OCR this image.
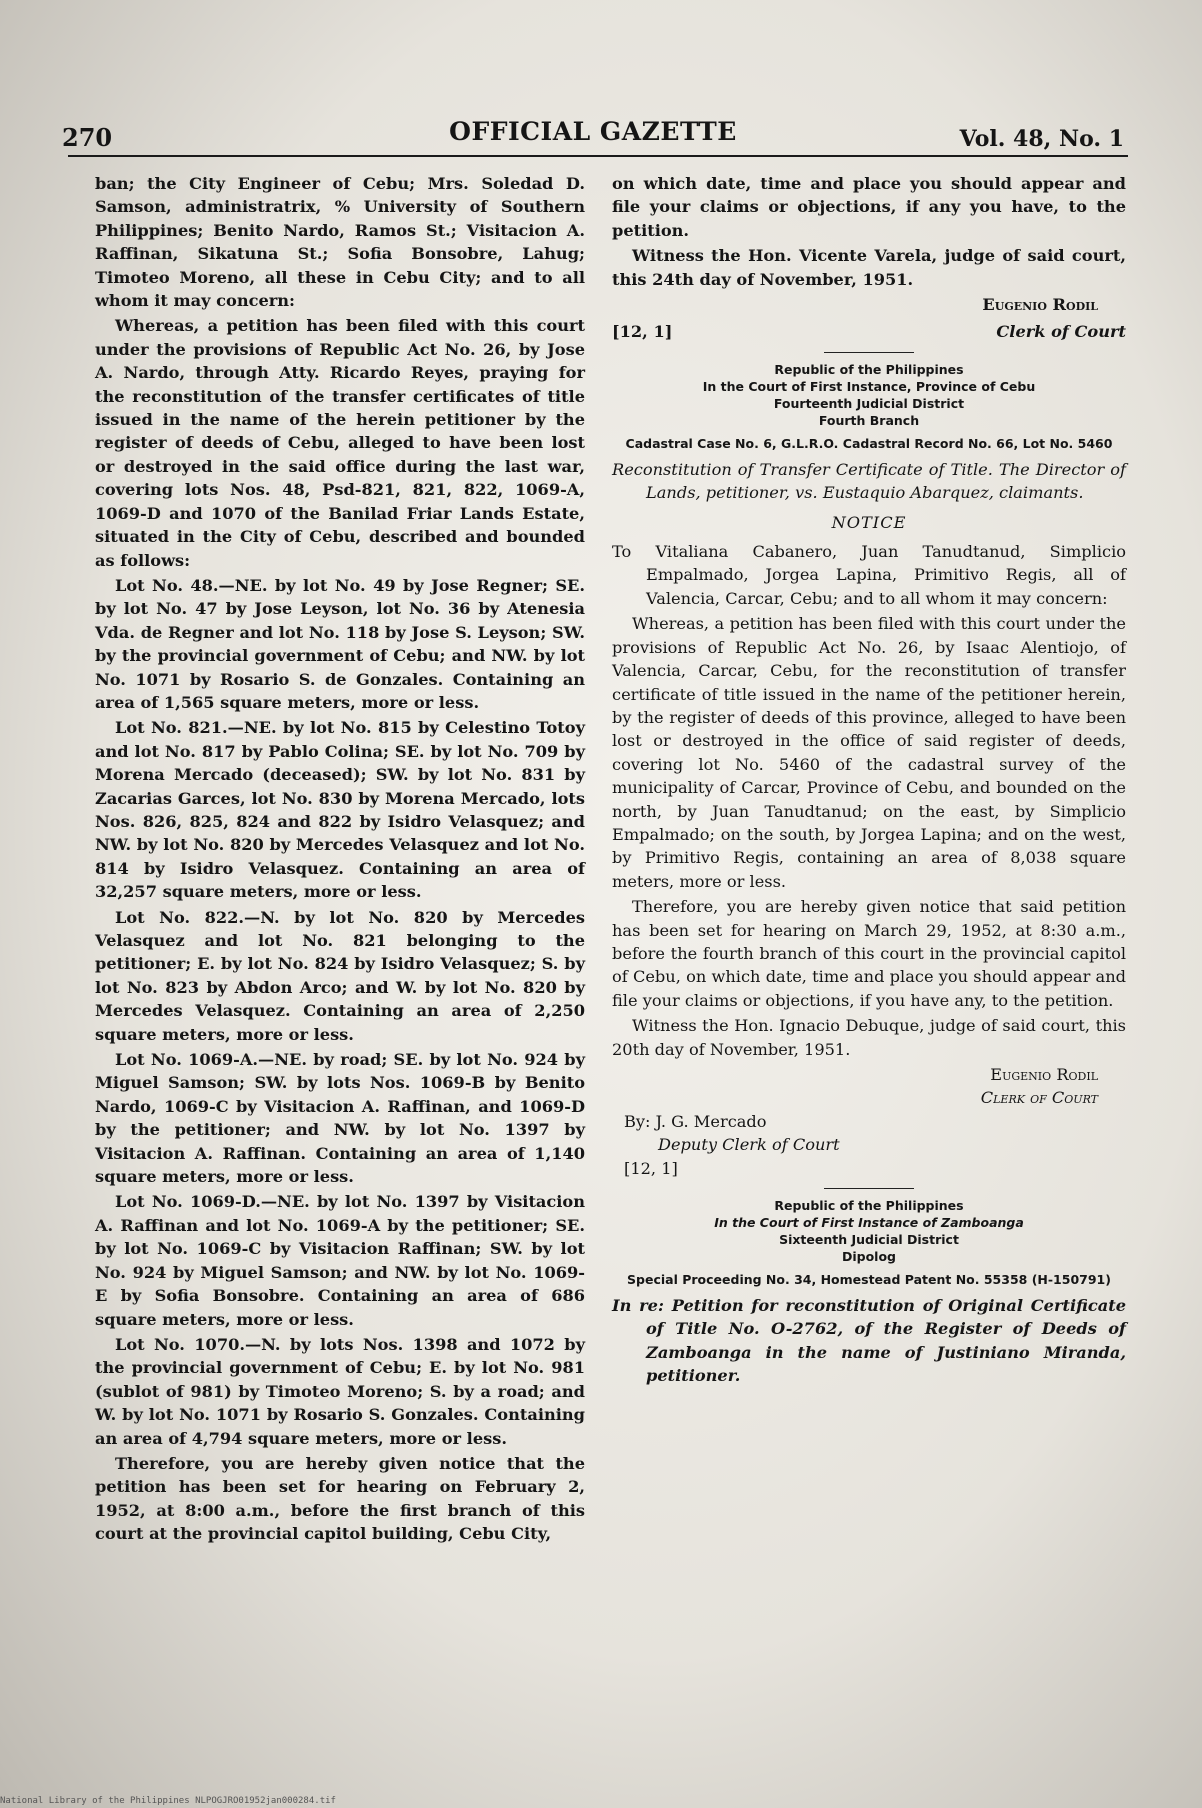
270	OFFICIAL GAZETTE	Vol. 48, No. 1

ban; the City Engineer of Cebu; Mrs. Soledad D. Samson, administratrix, % University of Southern Philippines; Benito Nardo, Ramos St.; Visitacion A. Raffinan, Sikatuna St.; Sofia Bonsobre, Lahug; Timoteo Moreno, all these in Cebu City; and to all whom it may concern:

Whereas, a petition has been filed with this court under the provisions of Republic Act No. 26, by Jose A. Nardo, through Atty. Ricardo Reyes, praying for the reconstitution of the transfer certificates of title issued in the name of the herein petitioner by the register of deeds of Cebu, alleged to have been lost or destroyed in the said office during the last war, covering lots Nos. 48, Psd-821, 821, 822, 1069-A, 1069-D and 1070 of the Banilad Friar Lands Estate, situated in the City of Cebu, described and bounded as follows:

Lot No. 48.—NE. by lot No. 49 by Jose Regner; SE. by lot No. 47 by Jose Leyson, lot No. 36 by Atenesia Vda. de Regner and lot No. 118 by Jose S. Leyson; SW. by the provincial government of Cebu; and NW. by lot No. 1071 by Rosario S. de Gonzales. Containing an area of 1,565 square meters, more or less.

Lot No. 821.—NE. by lot No. 815 by Celestino Totoy and lot No. 817 by Pablo Colina; SE. by lot No. 709 by Morena Mercado (deceased); SW. by lot No. 831 by Zacarias Garces, lot No. 830 by Morena Mercado, lots Nos. 826, 825, 824 and 822 by Isidro Velasquez; and NW. by lot No. 820 by Mercedes Velasquez and lot No. 814 by Isidro Velasquez. Containing an area of 32,257 square meters, more or less.

Lot No. 822.—N. by lot No. 820 by Mercedes Velasquez and lot No. 821 belonging to the petitioner; E. by lot No. 824 by Isidro Velasquez; S. by lot No. 823 by Abdon Arco; and W. by lot No. 820 by Mercedes Velasquez. Containing an area of 2,250 square meters, more or less.

Lot No. 1069-A.—NE. by road; SE. by lot No. 924 by Miguel Samson; SW. by lots Nos. 1069-B by Benito Nardo, 1069-C by Visitacion A. Raffinan, and 1069-D by the petitioner; and NW. by lot No. 1397 by Visitacion A. Raffinan. Containing an area of 1,140 square meters, more or less.

Lot No. 1069-D.—NE. by lot No. 1397 by Visitacion A. Raffinan and lot No. 1069-A by the petitioner; SE. by lot No. 1069-C by Visitacion Raffinan; SW. by lot No. 924 by Miguel Samson; and NW. by lot No. 1069-E by Sofia Bonsobre. Containing an area of 686 square meters, more or less.

Lot No. 1070.—N. by lots Nos. 1398 and 1072 by the provincial government of Cebu; E. by lot No. 981 (sublot of 981) by Timoteo Moreno; S. by a road; and W. by lot No. 1071 by Rosario S. Gonzales. Containing an area of 4,794 square meters, more or less.

Therefore, you are hereby given notice that the petition has been set for hearing on February 2, 1952, at 8:00 a.m., before the first branch of this court at the provincial capitol building, Cebu City,

on which date, time and place you should appear and file your claims or objections, if any you have, to the petition.

Witness the Hon. Vicente Varela, judge of said court, this 24th day of November, 1951.

Eugenio Rodil
[12, 1]	Clerk of Court
Republic of the Philippines
In the Court of First Instance, Province of Cebu
Fourteenth Judicial District
Fourth Branch
Cadastral Case No. 6, G.L.R.O. Cadastral Record No. 66, Lot No. 5460

Reconstitution of Transfer Certificate of Title. The Director of Lands, petitioner, vs. Eustaquio Abarquez, claimants.

NOTICE

To Vitaliana Cabanero, Juan Tanudtanud, Simplicio Empalmado, Jorgea Lapina, Primitivo Regis, all of Valencia, Carcar, Cebu; and to all whom it may concern:

Whereas, a petition has been filed with this court under the provisions of Republic Act No. 26, by Isaac Alentiojo, of Valencia, Carcar, Cebu, for the reconstitution of transfer certificate of title issued in the name of the petitioner herein, by the register of deeds of this province, alleged to have been lost or destroyed in the office of said register of deeds, covering lot No. 5460 of the cadastral survey of the municipality of Carcar, Province of Cebu, and bounded on the north, by Juan Tanudtanud; on the east, by Simplicio Empalmado; on the south, by Jorgea Lapina; and on the west, by Primitivo Regis, containing an area of 8,038 square meters, more or less.

Therefore, you are hereby given notice that said petition has been set for hearing on March 29, 1952, at 8:30 a.m., before the fourth branch of this court in the provincial capitol of Cebu, on which date, time and place you should appear and file your claims or objections, if you have any, to the petition.

Witness the Hon. Ignacio Debuque, judge of said court, this 20th day of November, 1951.

Eugenio Rodil
Clerk of Court
By: J. G. Mercado
Deputy Clerk of Court
[12, 1]
Republic of the Philippines
In the Court of First Instance of Zamboanga
Sixteenth Judicial District
Dipolog
Special Proceeding No. 34, Homestead Patent No. 55358 (H-150791)

In re: Petition for reconstitution of Original Certificate of Title No. O-2762, of the Register of Deeds of Zamboanga in the name of Justiniano Miranda, petitioner.

National Library of the Philippines NLPOGJRO01952jan000284.tif
